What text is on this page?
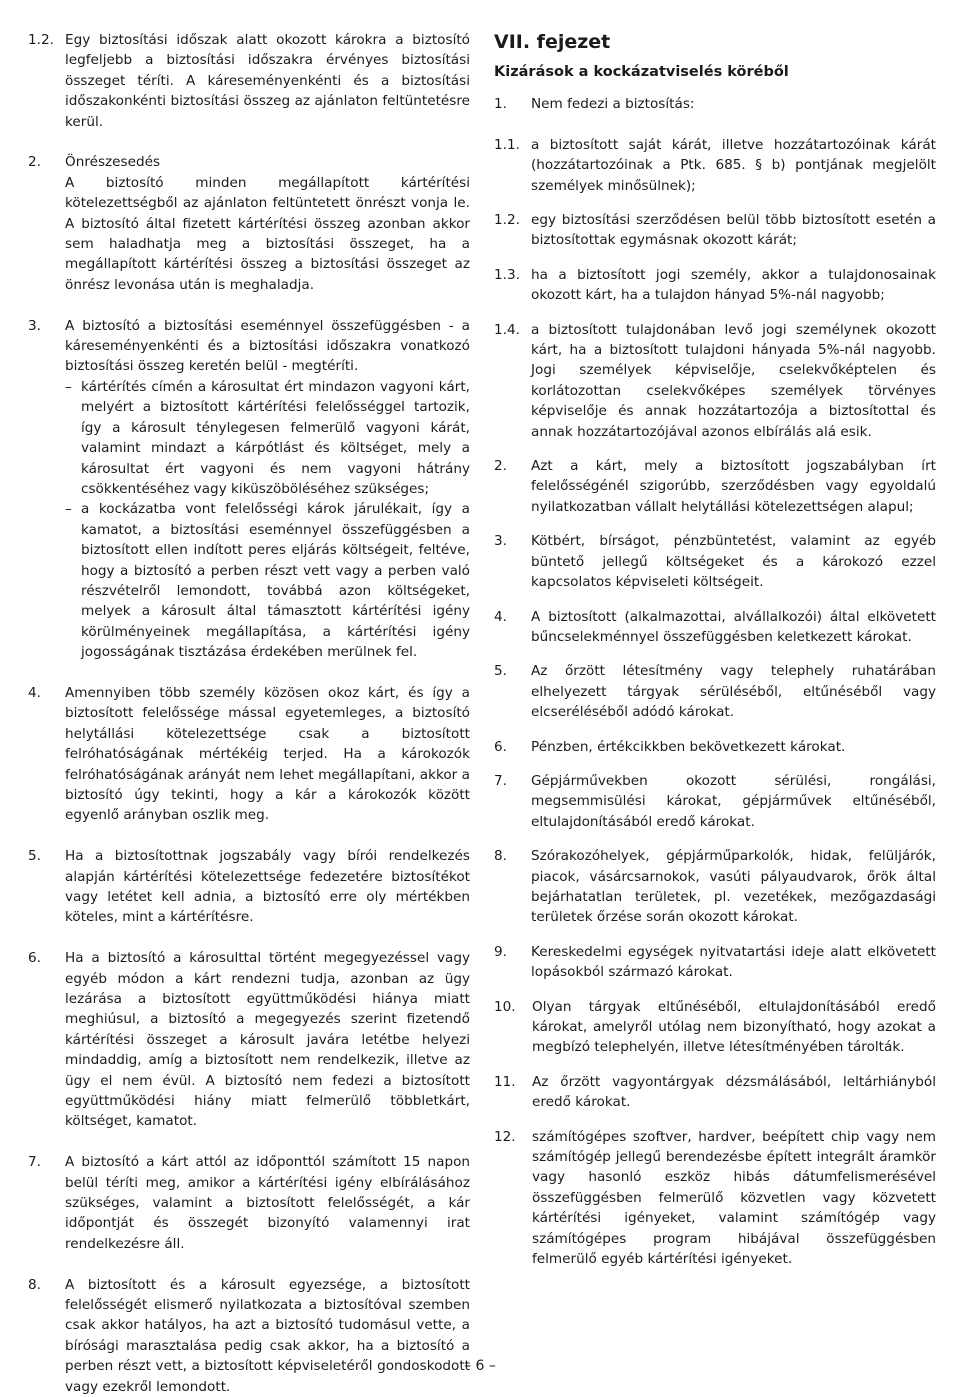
1.2. Egy biztosítási időszak alatt okozott károkra a biztosító legfeljebb a biztosítási időszakra érvényes biztosítási összeget téríti. A káreseményenkénti és a biztosítási időszakonkénti biztosítási összeg az ajánlaton feltüntetésre kerül.
2.	Önrészesedés
A biztosító minden megállapított kártérítési kötelezettségből az ajánlaton feltüntetett önrészt vonja le. A biztosító által fizetett kártérítési összeg azonban akkor sem haladhatja meg a biztosítási összeget, ha a megállapított kártérítési összeg a biztosítási összeget az önrész levonása után is meghaladja.
3.	A biztosító a biztosítási eseménnyel összefüggésben - a káreseményenkénti és a biztosítási időszakra vonatkozó biztosítási összeg keretén belül - megtéríti.
– kártérítés címén a károsultat ért mindazon vagyoni kárt, melyért a biztosított kártérítési felelősséggel tartozik, így a károsult ténylegesen felmerülő vagyoni kárát, valamint mindazt a kárpótlást és költséget, mely a károsultat ért vagyoni és nem vagyoni hátrány csökkentéséhez vagy kiküszöböléséhez szükséges;
– a kockázatba vont felelősségi károk járulékait, így a kamatot, a biztosítási eseménnyel összefüggésben a biztosított ellen indított peres eljárás költségeit, feltéve, hogy a biztosító a perben részt vett vagy a perben való részvételről lemondott, továbbá azon költségeket, melyek a károsult által támasztott kártérítési igény körülményeinek megállapítása, a kártérítési igény jogosságának tisztázása érdekében merülnek fel.
4.	Amennyiben több személy közösen okoz kárt, és így a biztosított felelőssége mással egyetemleges, a biztosító helytállási kötelezettsége csak a biztosított felróhatóságának mértékéig terjed. Ha a károkozók felróhatóságának arányát nem lehet megállapítani, akkor a biztosító úgy tekinti, hogy a kár a károkozók között egyenlő arányban oszlik meg.
5.	Ha a biztosítottnak jogszabály vagy bírói rendelkezés alapján kártérítési kötelezettsége fedezetére biztosítékot vagy letétet kell adnia, a biztosító erre oly mértékben köteles, mint a kártérítésre.
6.	Ha a biztosító a károsulttal történt megegyezéssel vagy egyéb módon a kárt rendezni tudja, azonban az ügy lezárása a biztosított együttműködési hiánya miatt meghiúsul, a biztosító a megegyezés szerint fizetendő kártérítési összeget a károsult javára letétbe helyezi mindaddig, amíg a biztosított nem rendelkezik, illetve az ügy el nem évül. A biztosító nem fedezi a biztosított együttműködési hiány miatt felmerülő többletkárt, költséget, kamatot.
7.	A biztosító a kárt attól az időponttól számított 15 napon belül téríti meg, amikor a kártérítési igény elbírálásához szükséges, valamint a biztosított felelősségét, a kár időpontját és összegét bizonyító valamennyi irat rendelkezésre áll.
8.	A biztosított és a károsult egyezsége, a biztosított felelősségét elismerő nyilatkozata a biztosítóval szemben csak akkor hatályos, ha azt a biztosító tudomásul vette, a bírósági marasztalása pedig csak akkor, ha a biztosító a perben részt vett, a biztosított képviseletéről gondoskodott vagy ezekről lemondott.
VII. fejezet
Kizárások a kockázatviselés köréből
1.	Nem fedezi a biztosítás:
1.1. a biztosított saját kárát, illetve hozzátartozóinak kárát (hozzátartozóinak a Ptk. 685. § b) pontjának megjelölt személyek minősülnek);
1.2. egy biztosítási szerződésen belül több biztosított esetén a biztosítottak egymásnak okozott kárát;
1.3. ha a biztosított jogi személy, akkor a tulajdonosainak okozott kárt, ha a tulajdon hányad 5%-nál nagyobb;
1.4. a biztosított tulajdonában levő jogi személynek okozott kárt, ha a biztosított tulajdoni hányada 5%-nál nagyobb. Jogi személyek képviselője, cselekvőképtelen és korlátozottan cselekvőképes személyek törvényes képviselője és annak hozzátartozója a biztosítottal és annak hozzátartozójával azonos elbírálás alá esik.
2.	Azt a kárt, mely a biztosított jogszabályban írt felelősségénél szigorúbb, szerződésben vagy egyoldalú nyilatkozatban vállalt helytállási kötelezettségen alapul;
3.	Kötbért, bírságot, pénzbüntetést, valamint az egyéb büntető jellegű költségeket és a károkozó ezzel kapcsolatos képviseleti költségeit.
4.	A biztosított (alkalmazottai, alvállalkozói) által elkövetett bűncselekménnyel összefüggésben keletkezett károkat.
5.	Az őrzött létesítmény vagy telephely ruhatárában elhelyezett tárgyak sérüléséből, eltűnéséből vagy elcseréléséből adódó károkat.
6.	Pénzben, értékcikkben bekövetkezett károkat.
7.	Gépjárművekben okozott sérülési, rongálási, megsemmisülési károkat, gépjárművek eltűnéséből, eltulajdonításából eredő károkat.
8.	Szórakozóhelyek, gépjárműparkolók, hidak, felüljárók, piacok, vásárcsarnokok, vasúti pályaudvarok, őrök által bejárhatatlan területek, pl. vezetékek, mezőgazdasági területek őrzése során okozott károkat.
9.	Kereskedelmi egységek nyitvatartási ideje alatt elkövetett lopásokból származó károkat.
10.	Olyan tárgyak eltűnéséből, eltulajdonításából eredő károkat, amelyről utólag nem bizonyítható, hogy azokat a megbízó telephelyén, illetve létesítményében tárolták.
11.	Az őrzött vagyontárgyak dézsmálásából, leltárhiányból eredő károkat.
12.	számítógépes szoftver, hardver, beépített chip vagy nem számítógép jellegű berendezésbe épített integrált áramkör vagy hasonló eszköz hibás dátumfelismerésével összefüggésben felmerülő közvetlen vagy közvetett kártérítési igényeket, valamint számítógép vagy számítógépes program hibájával összefüggésben felmerülő egyéb kártérítési igényeket.
– 6 –
